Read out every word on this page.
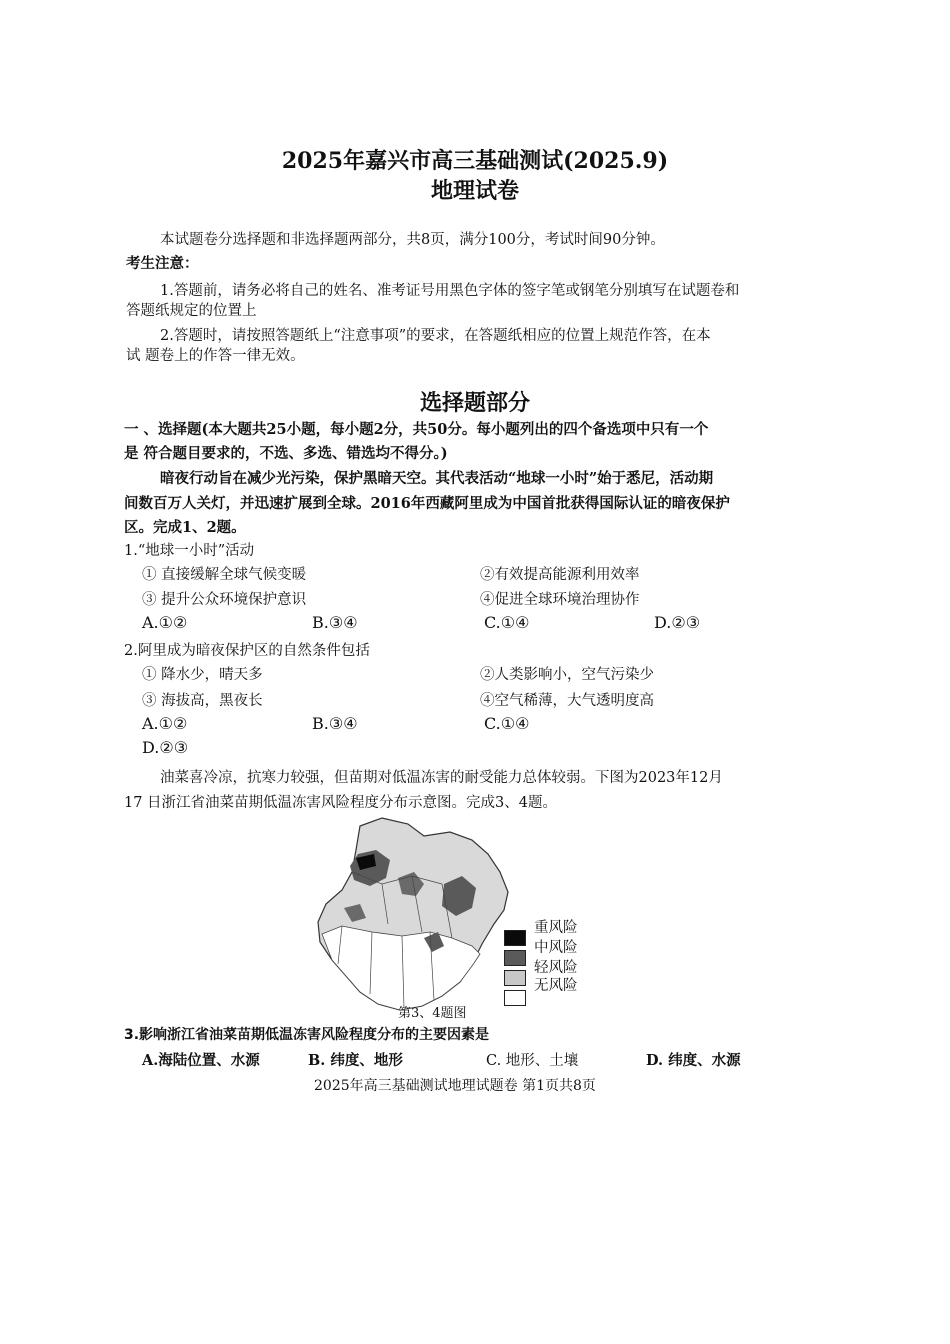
2025年嘉兴市高三基础测试(2025.9)
地理试卷
本试题卷分选择题和非选择题两部分，共8页，满分100分，考试时间90分钟。
考生注意：
1.答题前，请务必将自己的姓名、准考证号用黑色字体的签字笔或钢笔分别填写在试题卷和
答题纸规定的位置上
2.答题时，请按照答题纸上“注意事项”的要求，在答题纸相应的位置上规范作答，在本
试 题卷上的作答一律无效。
选择题部分
一 、选择题(本大题共25小题，每小题2分，共50分。每小题列出的四个备选项中只有一个
是 符合题目要求的，不选、多选、错选均不得分。)
暗夜行动旨在减少光污染，保护黑暗天空。其代表活动“地球一小时”始于悉尼，活动期
间数百万人关灯，并迅速扩展到全球。2016年西藏阿里成为中国首批获得国际认证的暗夜保护
区。完成1、2题。
1.“地球一小时”活动
① 直接缓解全球气候变暖	②有效提高能源利用效率
③ 提升公众环境保护意识	④促进全球环境治理协作
A.①②	B.③④	C.①④	D.②③
2.阿里成为暗夜保护区的自然条件包括
① 降水少，晴天多	②人类影响小，空气污染少
③ 海拔高，黑夜长	④空气稀薄，大气透明度高
A.①②	B.③④	C.①④
D.②③
油菜喜冷凉，抗寒力较强，但苗期对低温冻害的耐受能力总体较弱。下图为2023年12月
17 日浙江省油菜苗期低温冻害风险程度分布示意图。完成3、4题。
重风险
中风险
轻风险
无风险
第3、4题图
3.影响浙江省油菜苗期低温冻害风险程度分布的主要因素是
A.海陆位置、水源	B. 纬度、地形	C. 地形、土壤	D. 纬度、水源
2025年高三基础测试地理试题卷 第1页共8页
